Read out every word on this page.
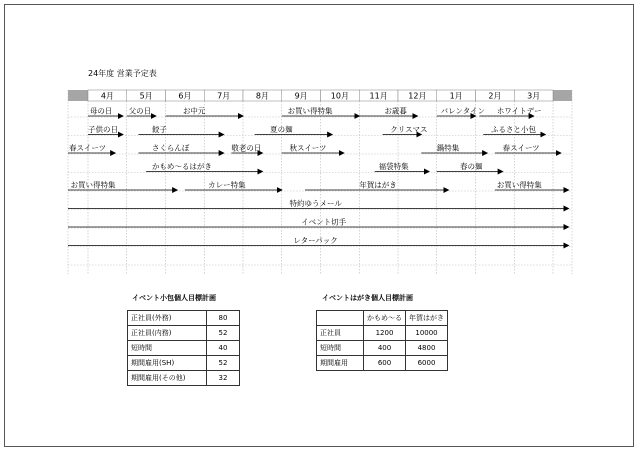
24年度 営業予定表
4月	5月	6月	7月	8月	9月	10月	11月	12月	1月	2月	3月
母の日 父の日	お中元	お買い得特集	お歳暮	バレンタイン ホワイトデー
子供の日	餃子	夏の麺	クリスマス	ふるさと小包
春スイーツ	さくらんぼ	敬老の日	秋スイーツ	鍋特集	春スイーツ
かもめ～るはがき	福袋特集	春の麺
お買い得特集	カレー特集	年賀はがき	お買い得特集
特約ゆうメール
イベント切手
レターパック
イベント小包個人目標計画
正社員(外務)	80
正社員(内務)	52
短時間	40
期間雇用(SH)	52
期間雇用(その他)	32
イベントはがき個人目標計画
	かもめ～る	年賀はがき
正社員	1200	10000
短時間	400	4800
期間雇用	600	6000
